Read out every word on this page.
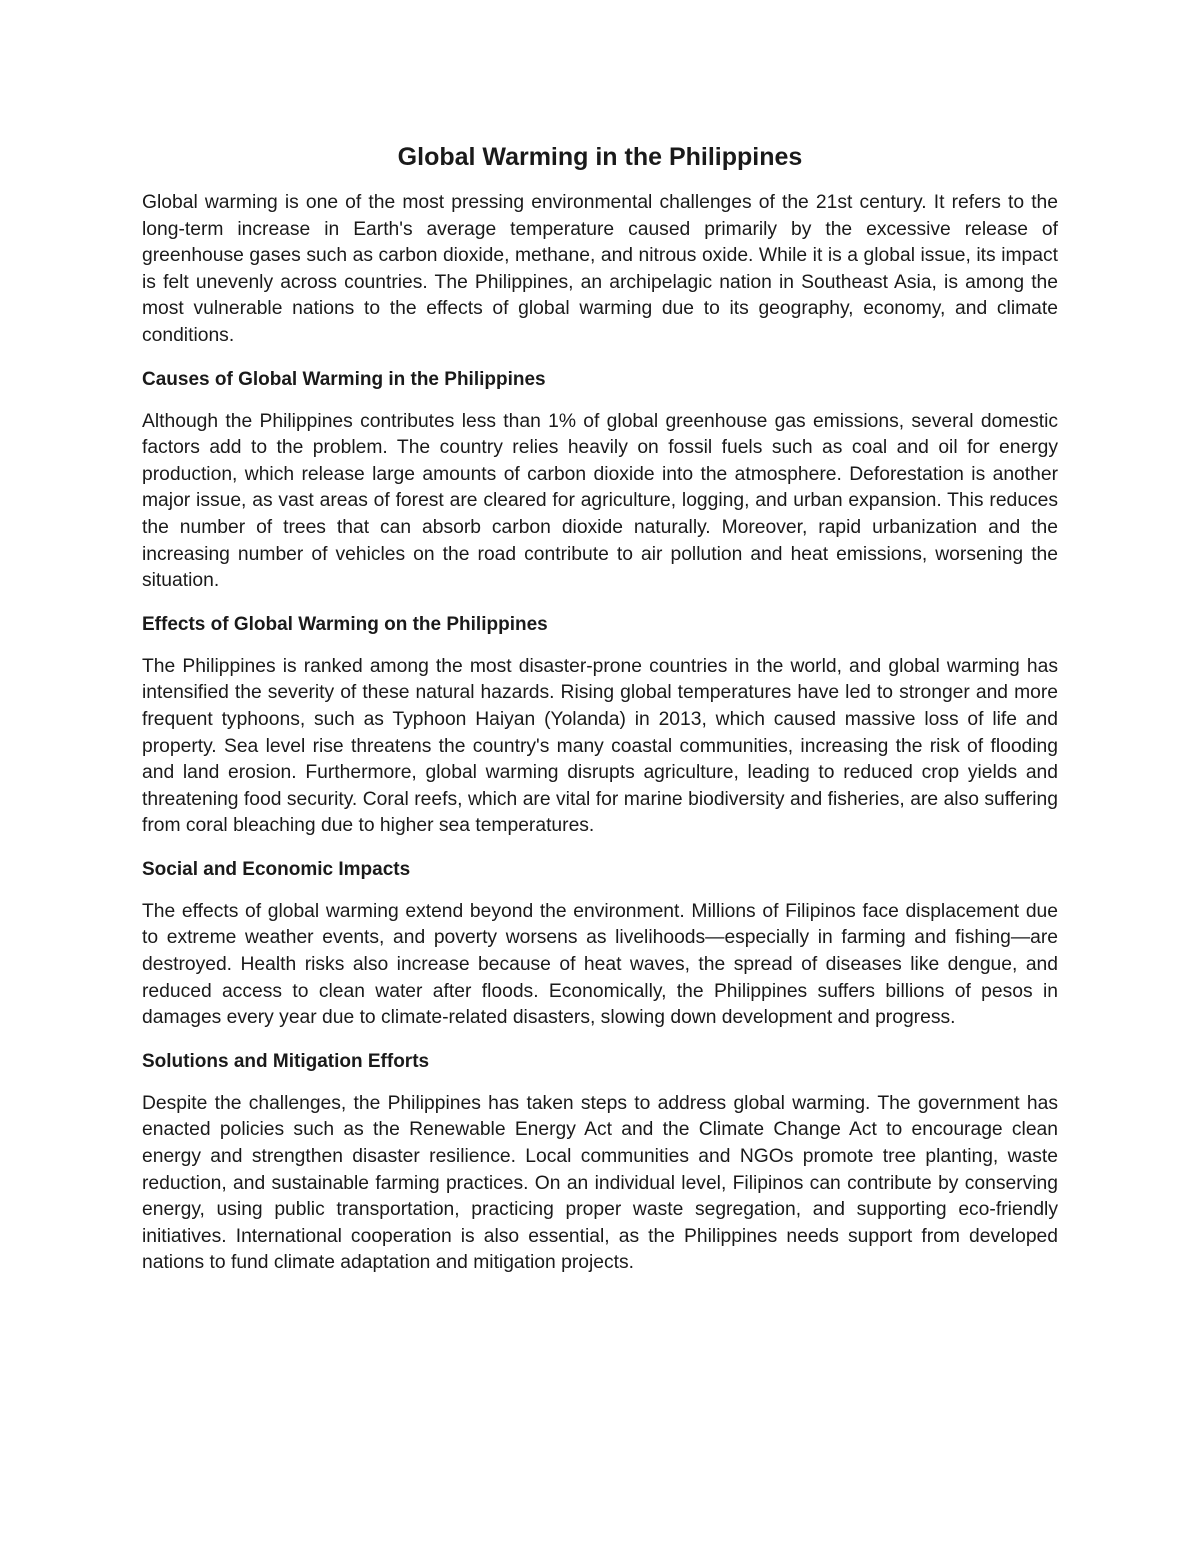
Global Warming in the Philippines

Global warming is one of the most pressing environmental challenges of the 21st century. It refers to the long-term increase in Earth's average temperature caused primarily by the excessive release of greenhouse gases such as carbon dioxide, methane, and nitrous oxide. While it is a global issue, its impact is felt unevenly across countries. The Philippines, an archipelagic nation in Southeast Asia, is among the most vulnerable nations to the effects of global warming due to its geography, economy, and climate conditions.

Causes of Global Warming in the Philippines

Although the Philippines contributes less than 1% of global greenhouse gas emissions, several domestic factors add to the problem. The country relies heavily on fossil fuels such as coal and oil for energy production, which release large amounts of carbon dioxide into the atmosphere. Deforestation is another major issue, as vast areas of forest are cleared for agriculture, logging, and urban expansion. This reduces the number of trees that can absorb carbon dioxide naturally. Moreover, rapid urbanization and the increasing number of vehicles on the road contribute to air pollution and heat emissions, worsening the situation.

Effects of Global Warming on the Philippines

The Philippines is ranked among the most disaster-prone countries in the world, and global warming has intensified the severity of these natural hazards. Rising global temperatures have led to stronger and more frequent typhoons, such as Typhoon Haiyan (Yolanda) in 2013, which caused massive loss of life and property. Sea level rise threatens the country's many coastal communities, increasing the risk of flooding and land erosion. Furthermore, global warming disrupts agriculture, leading to reduced crop yields and threatening food security. Coral reefs, which are vital for marine biodiversity and fisheries, are also suffering from coral bleaching due to higher sea temperatures.

Social and Economic Impacts

The effects of global warming extend beyond the environment. Millions of Filipinos face displacement due to extreme weather events, and poverty worsens as livelihoods—especially in farming and fishing—are destroyed. Health risks also increase because of heat waves, the spread of diseases like dengue, and reduced access to clean water after floods. Economically, the Philippines suffers billions of pesos in damages every year due to climate-related disasters, slowing down development and progress.

Solutions and Mitigation Efforts

Despite the challenges, the Philippines has taken steps to address global warming. The government has enacted policies such as the Renewable Energy Act and the Climate Change Act to encourage clean energy and strengthen disaster resilience. Local communities and NGOs promote tree planting, waste reduction, and sustainable farming practices. On an individual level, Filipinos can contribute by conserving energy, using public transportation, practicing proper waste segregation, and supporting eco-friendly initiatives. International cooperation is also essential, as the Philippines needs support from developed nations to fund climate adaptation and mitigation projects.
